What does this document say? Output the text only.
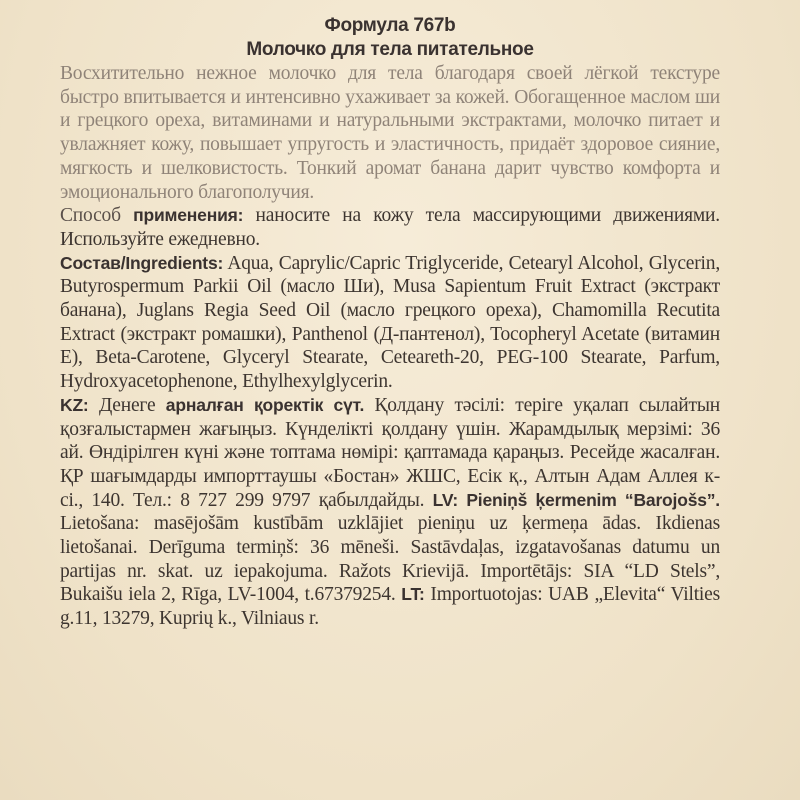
Формула 767b
Молочко для тела питательное

Восхитительно нежное молочко для тела благодаря своей лёгкой текстуре быстро впитывается и интенсивно ухаживает за кожей. Обогащенное маслом ши и грецкого ореха, витаминами и натуральными экстрактами, молочко питает и увлажняет кожу, повышает упругость и эластичность, придаёт здоровое сияние, мягкость и шелковистость. Тонкий аромат банана дарит чувство комфорта и эмоционального благополучия.

Способ применения: наносите на кожу тела массирующими движениями. Используйте ежедневно.

Состав/Ingredients: Aqua, Caprylic/Capric Triglyceride, Cetearyl Alcohol, Glycerin, Butyrospermum Parkii Oil (масло Ши), Musa Sapientum Fruit Extract (экстракт банана), Juglans Regia Seed Oil (масло грецкого ореха), Chamomilla Recutita Extract (экстракт ромашки), Panthenol (Д-пантенол), Tocopheryl Acetate (витамин Е), Beta-Carotene, Glyceryl Stearate, Ceteareth-20, PEG-100 Stearate, Parfum, Hydroxyacetophenone, Ethylhexylglycerin.

KZ: Денеге арналған қоректік сүт. Қолдану тәсілі: теріге уқалап сылайтын қозғалыстармен жағыңыз. Күнделікті қолдану үшін. Жарамдылық мерзімі: 36 ай. Өндірілген күні және топтама нөмірі: қаптамада қараңыз. Ресейде жасалған. ҚР шағымдарды импорттаушы «Бостан» ЖШС, Есік қ., Алтын Адам Аллея к-сі., 140. Тел.: 8 727 299 9797 қабылдайды. LV: Pieniņš ķermenim “Barojošs”. Lietošana: masējošām kustībām uzklājiet pieniņu uz ķermeņa ādas. Ikdienas lietošanai. Derīguma termiņš: 36 mēneši. Sastāvdaļas, izgatavošanas datumu un partijas nr. skat. uz iepakojuma. Ražots Krievijā. Importētājs: SIA “LD Stels”, Bukaišu iela 2, Rīga, LV-1004, t.67379254. LT: Importuotojas: UAB „Elevita“ Vilties g.11, 13279, Kuprių k., Vilniaus r.
